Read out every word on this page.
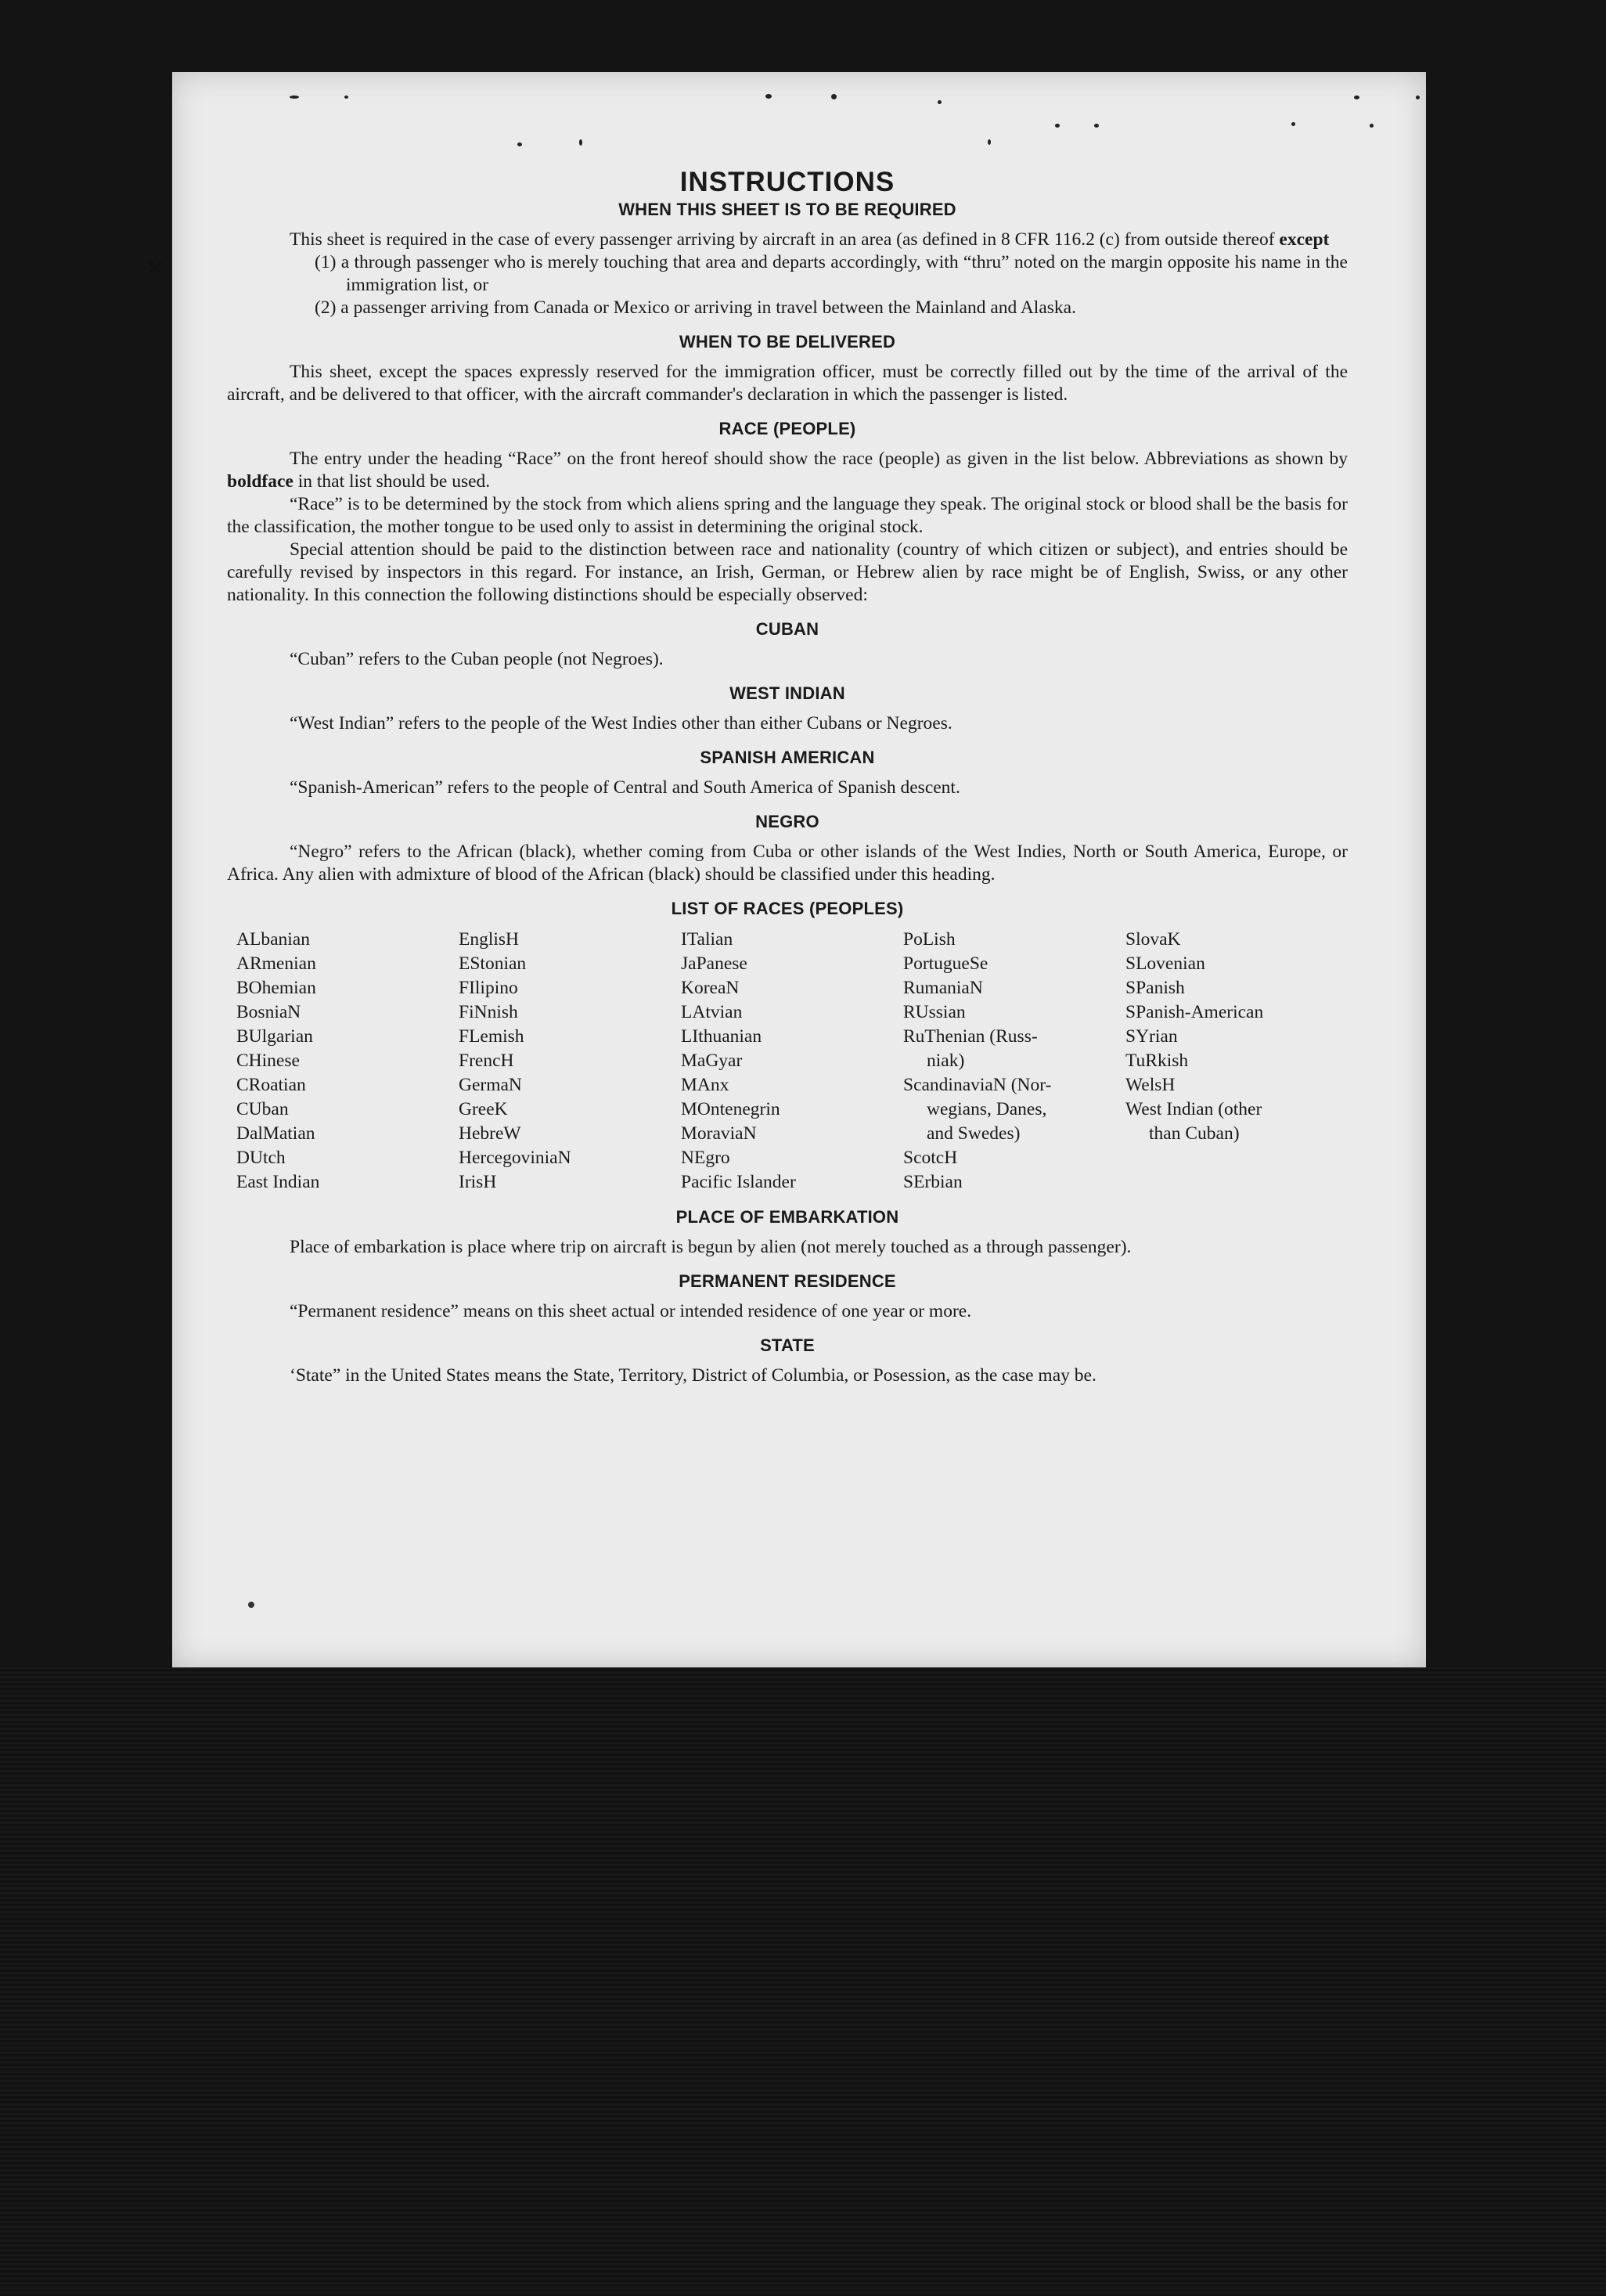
✕
INSTRUCTIONS
WHEN THIS SHEET IS TO BE REQUIRED

This sheet is required in the case of every passenger arriving by aircraft in an area (as defined in 8 CFR 116.2 (c) from outside thereof except

(1) a through passenger who is merely touching that area and departs accordingly, with “thru” noted on the margin opposite his name in the immigration list, or

(2) a passenger arriving from Canada or Mexico or arriving in travel between the Mainland and Alaska.

WHEN TO BE DELIVERED

This sheet, except the spaces expressly reserved for the immigration officer, must be correctly filled out by the time of the arrival of the aircraft, and be delivered to that officer, with the aircraft commander's declaration in which the passenger is listed.

RACE (PEOPLE)

The entry under the heading “Race” on the front hereof should show the race (people) as given in the list below. Abbreviations as shown by boldface in that list should be used.

“Race” is to be determined by the stock from which aliens spring and the language they speak. The original stock or blood shall be the basis for the classification, the mother tongue to be used only to assist in determining the original stock.

Special attention should be paid to the distinction between race and nationality (country of which citizen or subject), and entries should be carefully revised by inspectors in this regard. For instance, an Irish, German, or Hebrew alien by race might be of English, Swiss, or any other nationality. In this connection the following distinctions should be especially observed:

CUBAN

“Cuban” refers to the Cuban people (not Negroes).

WEST INDIAN

“West Indian” refers to the people of the West Indies other than either Cubans or Negroes.

SPANISH AMERICAN

“Spanish-American” refers to the people of Central and South America of Spanish descent.

NEGRO

“Negro” refers to the African (black), whether coming from Cuba or other islands of the West Indies, North or South America, Europe, or Africa. Any alien with admixture of blood of the African (black) should be classified under this heading.

LIST OF RACES (PEOPLES)
ALbanian
ARmenian
BOhemian
BosniaN
BUlgarian
CHinese
CRoatian
CUban
DalMatian
DUtch
East Indian
EnglisH
EStonian
FIlipino
FiNnish
FLemish
FrencH
GermaN
GreeK
HebreW
HercegoviniaN
IrisH
ITalian
JaPanese
KoreaN
LAtvian
LIthuanian
MaGyar
MAnx
MOntenegrin
MoraviaN
NEgro
Pacific Islander
PoLish
PortugueSe
RumaniaN
RUssian
RuThenian (Russ-
niak)
ScandinaviaN (Nor-
wegians, Danes,
and Swedes)
ScotcH
SErbian
SlovaK
SLovenian
SPanish
SPanish-American
SYrian
TuRkish
WelsH
West Indian (other
than Cuban)
PLACE OF EMBARKATION

Place of embarkation is place where trip on aircraft is begun by alien (not merely touched as a through passenger).

PERMANENT RESIDENCE

“Permanent residence” means on this sheet actual or intended residence of one year or more.

STATE

‘State” in the United States means the State, Territory, District of Columbia, or Posession, as the case may be.
